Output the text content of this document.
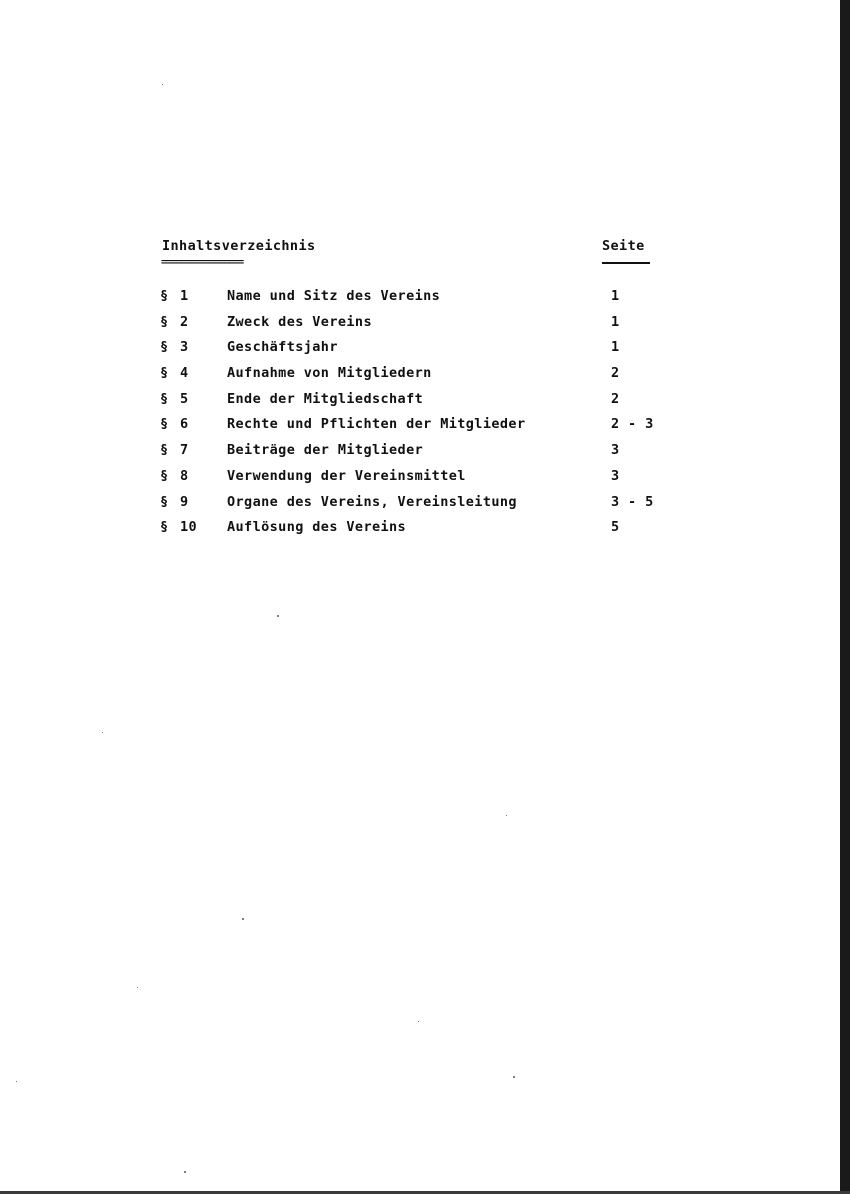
Inhaltsverzeichnis
=================
Seite
§ 1	Name und Sitz des Vereins	1
§ 2	Zweck des Vereins	1
§ 3	Geschäftsjahr	1
§ 4	Aufnahme von Mitgliedern	2
§ 5	Ende der Mitgliedschaft	2
§ 6	Rechte und Pflichten der Mitglieder	2 - 3
§ 7	Beiträge der Mitglieder	3
§ 8	Verwendung der Vereinsmittel	3
§ 9	Organe des Vereins, Vereinsleitung	3 - 5
§ 10	Auflösung des Vereins	5
